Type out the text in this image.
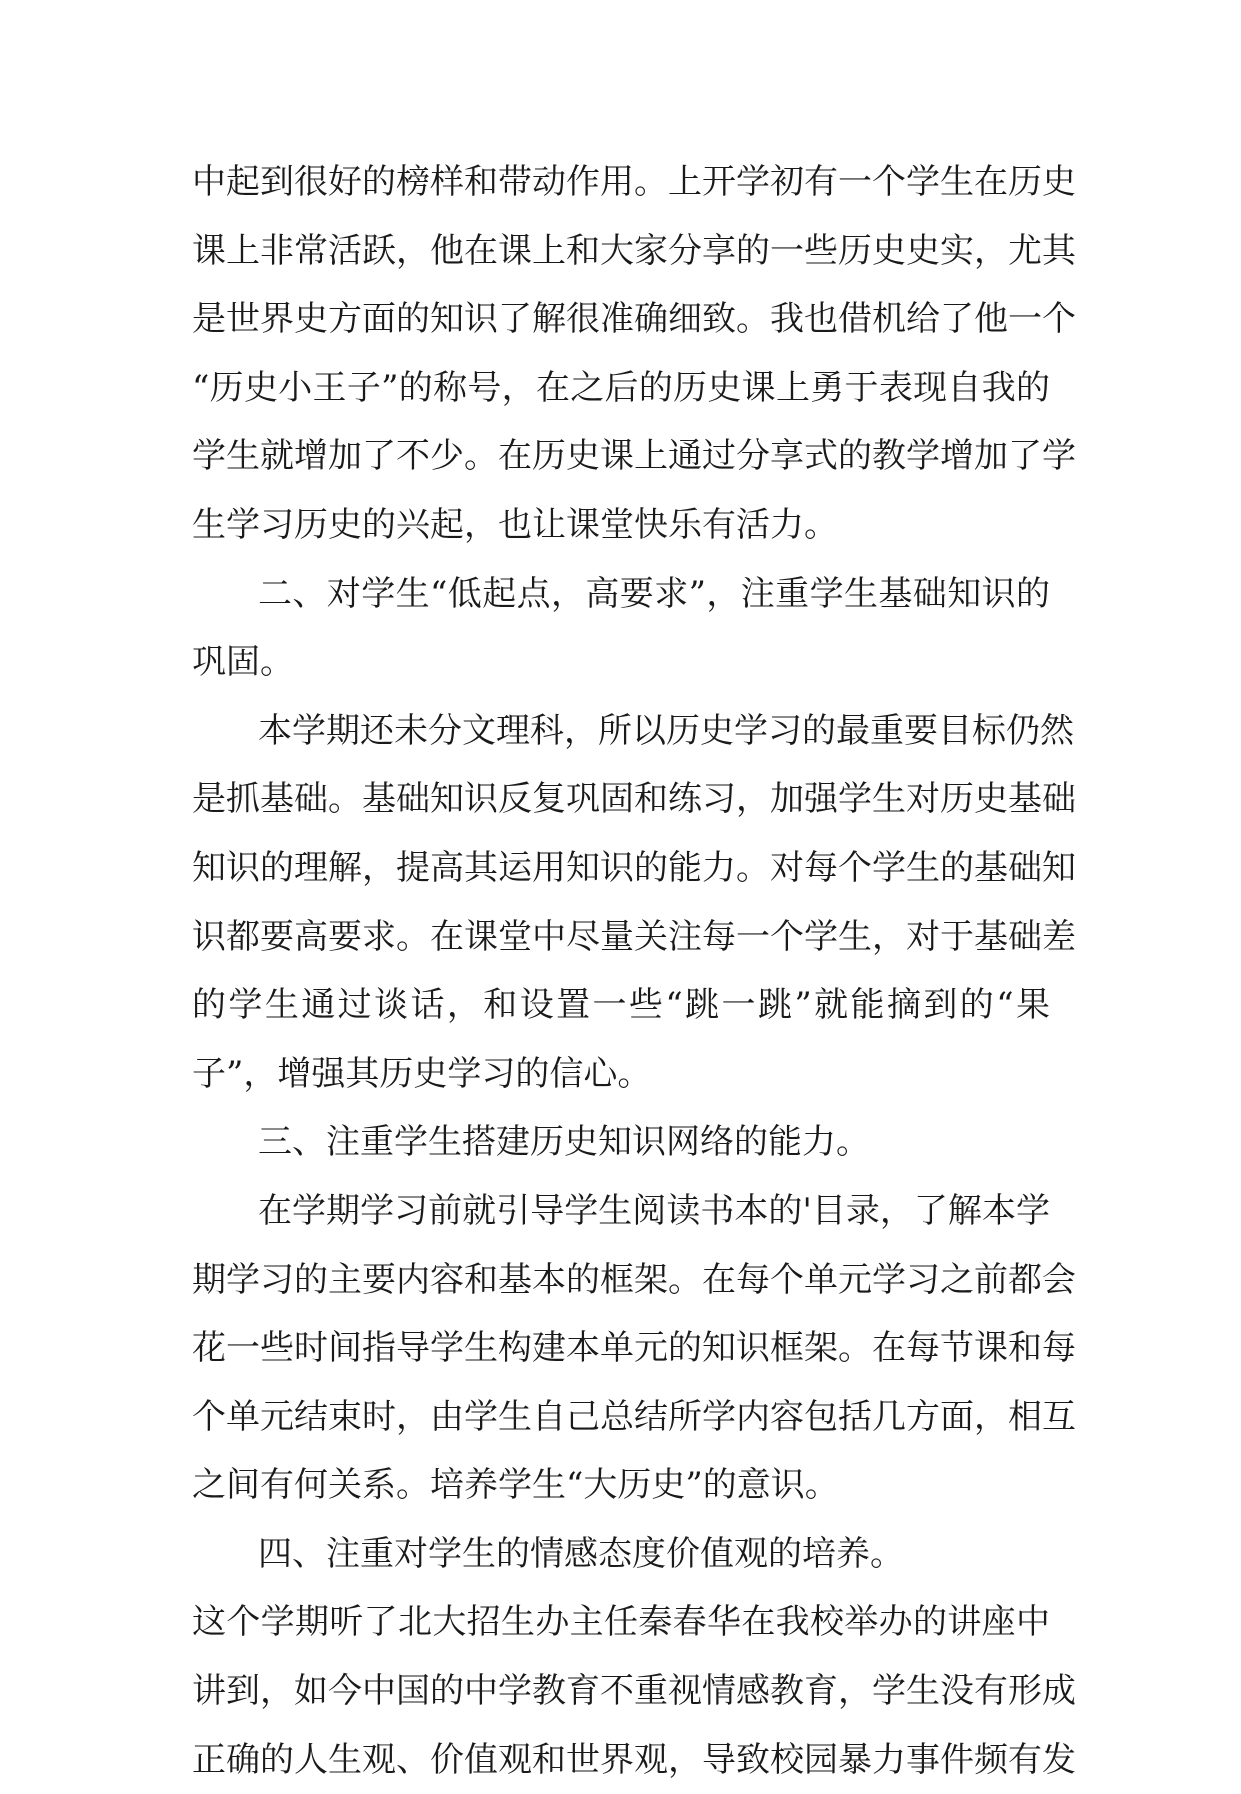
中起到很好的榜样和带动作用。上开学初有一个学生在历史
课上非常活跃，他在课上和大家分享的一些历史史实，尤其
是世界史方面的知识了解很准确细致。我也借机给了他一个
“历史小王子”的称号，在之后的历史课上勇于表现自我的
学生就增加了不少。在历史课上通过分享式的教学增加了学
生学习历史的兴起，也让课堂快乐有活力。
二、对学生“低起点，高要求”，注重学生基础知识的
巩固。
本学期还未分文理科，所以历史学习的最重要目标仍然
是抓基础。基础知识反复巩固和练习，加强学生对历史基础
知识的理解，提高其运用知识的能力。对每个学生的基础知
识都要高要求。在课堂中尽量关注每一个学生，对于基础差
的学生通过谈话，和设置一些“跳一跳”就能摘到的“果
子”，增强其历史学习的信心。
三、注重学生搭建历史知识网络的能力。
在学期学习前就引导学生阅读书本的'目录，了解本学
期学习的主要内容和基本的框架。在每个单元学习之前都会
花一些时间指导学生构建本单元的知识框架。在每节课和每
个单元结束时，由学生自己总结所学内容包括几方面，相互
之间有何关系。培养学生“大历史”的意识。
四、注重对学生的情感态度价值观的培养。
这个学期听了北大招生办主任秦春华在我校举办的讲座中
讲到，如今中国的中学教育不重视情感教育，学生没有形成
正确的人生观、价值观和世界观，导致校园暴力事件频有发
